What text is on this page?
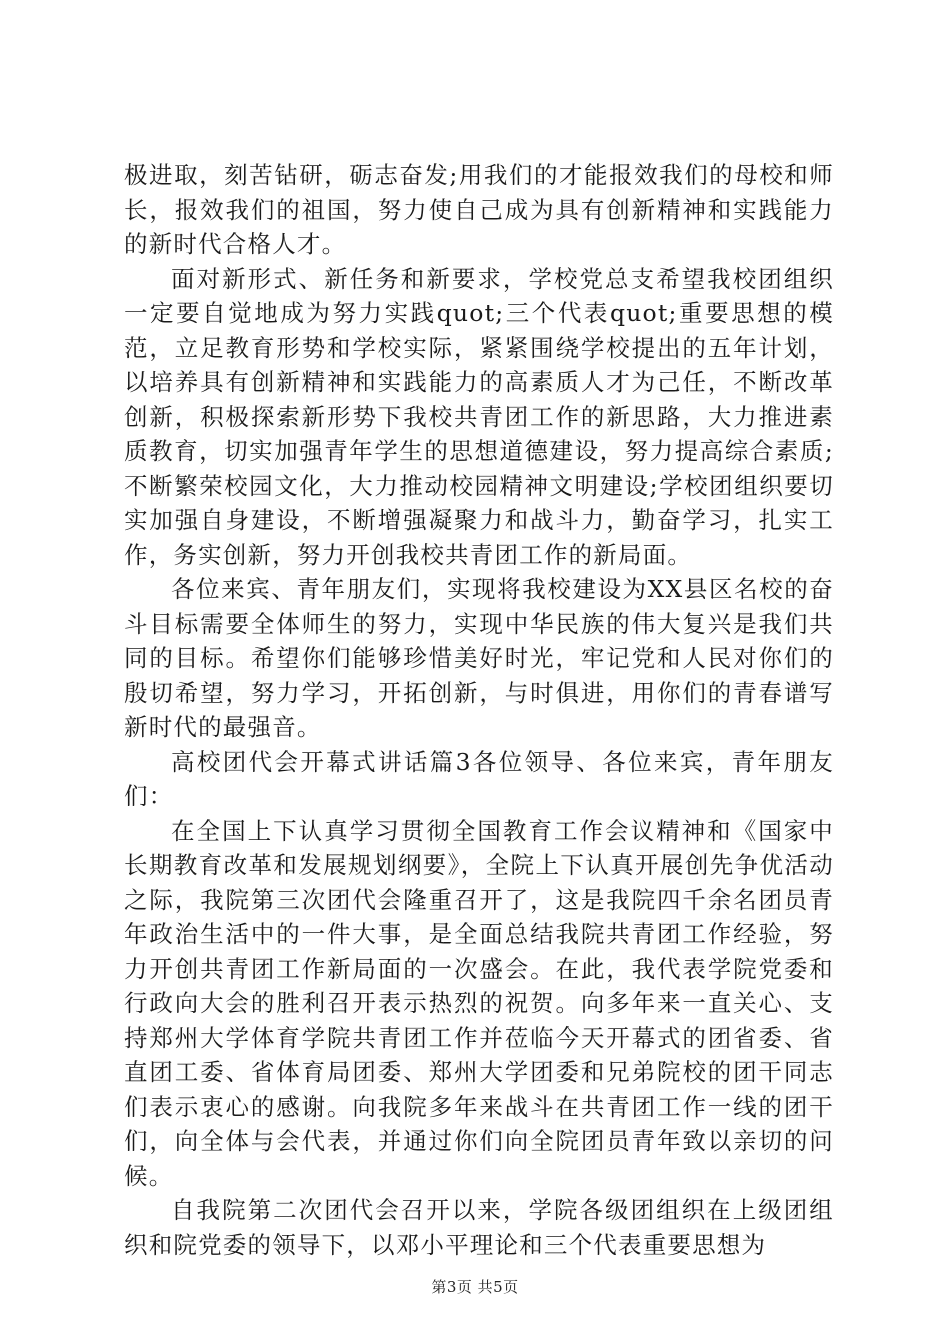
极进取，刻苦钻研，砺志奋发;用我们的才能报效我们的母校和师长，报效我们的祖国，努力使自己成为具有创新精神和实践能力的新时代合格人才。

面对新形式、新任务和新要求，学校党总支希望我校团组织一定要自觉地成为努力实践quot;三个代表quot;重要思想的模范，立足教育形势和学校实际，紧紧围绕学校提出的五年计划，以培养具有创新精神和实践能力的高素质人才为己任，不断改革创新，积极探索新形势下我校共青团工作的新思路，大力推进素质教育，切实加强青年学生的思想道德建设，努力提高综合素质;不断繁荣校园文化，大力推动校园精神文明建设;学校团组织要切实加强自身建设，不断增强凝聚力和战斗力，勤奋学习，扎实工作，务实创新，努力开创我校共青团工作的新局面。

各位来宾、青年朋友们，实现将我校建设为XX县区名校的奋斗目标需要全体师生的努力，实现中华民族的伟大复兴是我们共同的目标。希望你们能够珍惜美好时光，牢记党和人民对你们的殷切希望，努力学习，开拓创新，与时俱进，用你们的青春谱写新时代的最强音。

高校团代会开幕式讲话篇3各位领导、各位来宾，青年朋友们：

在全国上下认真学习贯彻全国教育工作会议精神和《国家中长期教育改革和发展规划纲要》，全院上下认真开展创先争优活动之际，我院第三次团代会隆重召开了，这是我院四千余名团员青年政治生活中的一件大事，是全面总结我院共青团工作经验，努力开创共青团工作新局面的一次盛会。在此，我代表学院党委和行政向大会的胜利召开表示热烈的祝贺。向多年来一直关心、支持郑州大学体育学院共青团工作并莅临今天开幕式的团省委、省直团工委、省体育局团委、郑州大学团委和兄弟院校的团干同志们表示衷心的感谢。向我院多年来战斗在共青团工作一线的团干们，向全体与会代表，并通过你们向全院团员青年致以亲切的问候。

自我院第二次团代会召开以来，学院各级团组织在上级团组织和院党委的领导下，以邓小平理论和三个代表重要思想为

第3页 共5页
